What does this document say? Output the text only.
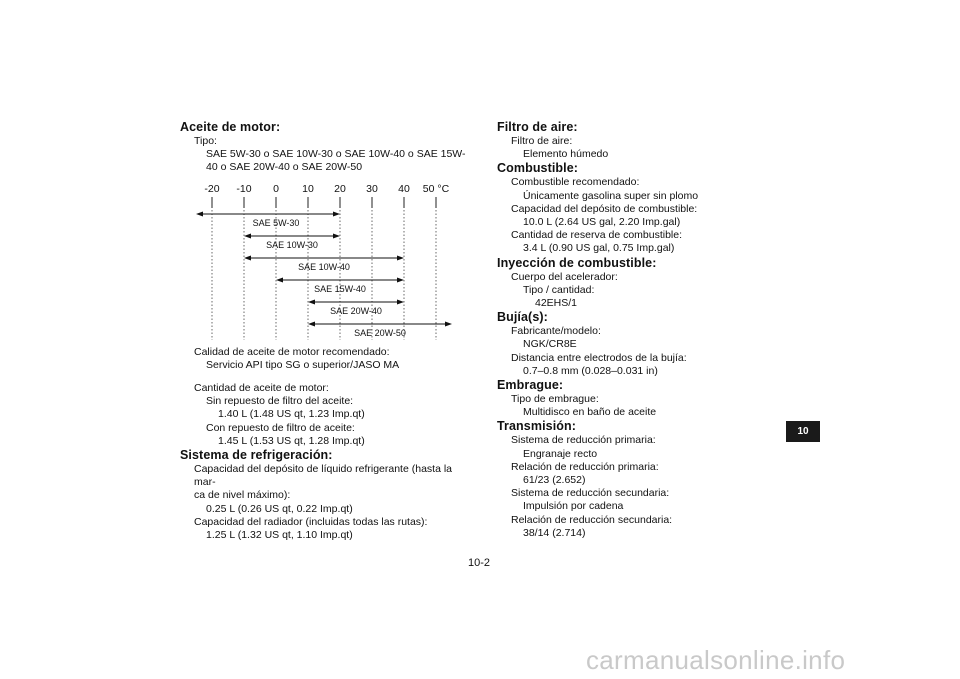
Aceite de motor:
Tipo:
SAE 5W-30 o SAE 10W-30 o SAE 10W-40 o SAE 15W-
40 o SAE 20W-40 o SAE 20W-50
-20 -10 0 10 20 30 40 50 °C
SAE 5W-30
SAE 10W-30
SAE 10W-40
SAE 15W-40
SAE 20W-40
SAE 20W-50
Calidad de aceite de motor recomendado:
Servicio API tipo SG o superior/JASO MA
Cantidad de aceite de motor:
Sin repuesto de filtro del aceite:
1.40 L (1.48 US qt, 1.23 Imp.qt)
Con repuesto de filtro de aceite:
1.45 L (1.53 US qt, 1.28 Imp.qt)
Sistema de refrigeración:
Capacidad del depósito de líquido refrigerante (hasta la mar-
ca de nivel máximo):
0.25 L (0.26 US qt, 0.22 Imp.qt)
Capacidad del radiador (incluidas todas las rutas):
1.25 L (1.32 US qt, 1.10 Imp.qt)
Filtro de aire:
Filtro de aire:
Elemento húmedo
Combustible:
Combustible recomendado:
Únicamente gasolina super sin plomo
Capacidad del depósito de combustible:
10.0 L (2.64 US gal, 2.20 Imp.gal)
Cantidad de reserva de combustible:
3.4 L (0.90 US gal, 0.75 Imp.gal)
Inyección de combustible:
Cuerpo del acelerador:
Tipo / cantidad:
42EHS/1
Bujía(s):
Fabricante/modelo:
NGK/CR8E
Distancia entre electrodos de la bujía:
0.7–0.8 mm (0.028–0.031 in)
Embrague:
Tipo de embrague:
Multidisco en baño de aceite
Transmisión:
Sistema de reducción primaria:
Engranaje recto
Relación de reducción primaria:
61/23 (2.652)
Sistema de reducción secundaria:
Impulsión por cadena
Relación de reducción secundaria:
38/14 (2.714)
10-2
10
carmanualsonline.info
